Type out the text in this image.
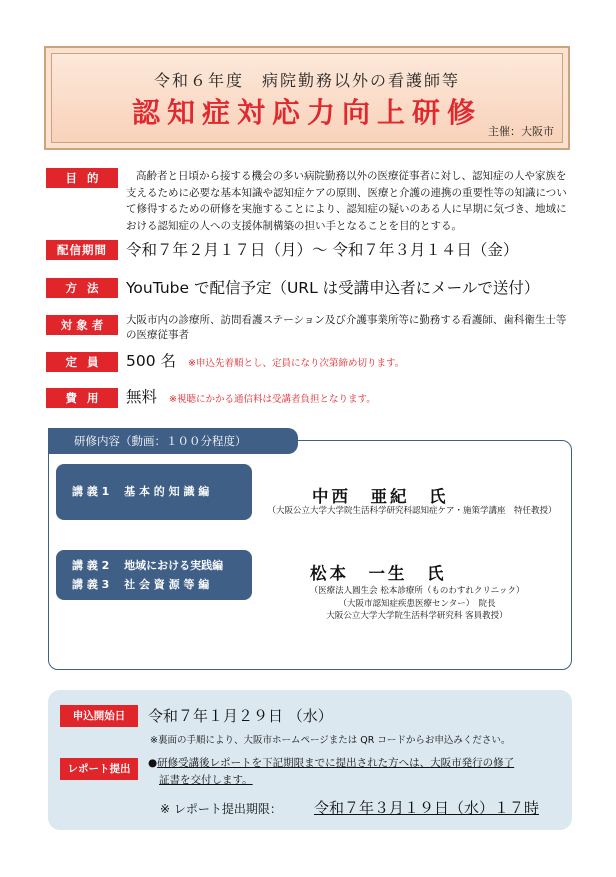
令和６年度　病院勤務以外の看護師等
認知症対応力向上研修
主催：大阪市
目的	高齢者と日頃から接する機会の多い病院勤務以外の医療従事者に対し、認知症の人や家族を支えるために必要な基本知識や認知症ケアの原則、医療と介護の連携の重要性等の知識について修得するための研修を実施することにより、認知症の疑いのある人に早期に気づき、地域における認知症の人への支援体制構築の担い手となることを目的とする。
配信期間	令和７年２月１７日（月）～ 令和７年３月１４日（金）
方法	YouTube で配信予定（URL は受講申込者にメールで送付）
対象者	大阪市内の診療所、訪問看護ステーション及び介護事業所等に勤務する看護師、歯科衛生士等の医療従事者
定員	500 名 ※申込先着順とし、定員になり次第締め切ります。
費用	無料 ※視聴にかかる通信料は受講者負担となります。
研修内容（動画：１００分程度）
講 義 1　 基 本 的 知 識 編	中西　亜紀　氏
（大阪公立大学大学院生活科学研究科認知症ケア・施策学講座　特任教授）
講 義 2　 地域における実践編
講 義 3　 社 会 資 源 等 編
松本　一生　氏
（医療法人圓生会 松本診療所（ものわすれクリニック）
（大阪市認知症疾患医療センター）　院長
大阪公立大学大学院生活科学研究科 客員教授）
申込開始日	令和７年１月２９日 （水）
※裏面の手順により、大阪市ホームページまたは QR コードからお申込みください。
レポート提出	●研修受講後レポートを下記期限までに提出された方へは、大阪市発行の修了
証書を交付します。
※ レポート提出期限： 令和７年３月１９日（水）１７時
